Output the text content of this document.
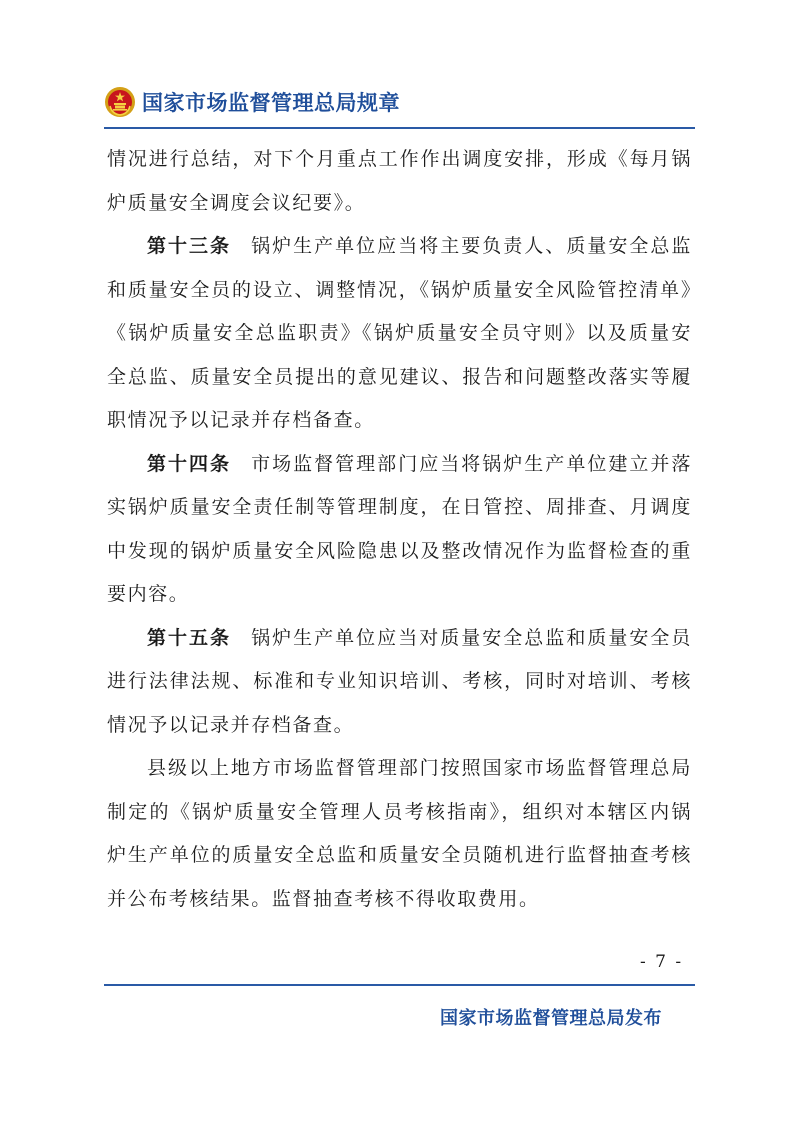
国家市场监督管理总局规章

情况进行总结，对下个月重点工作作出调度安排，形成《每月锅炉质量安全调度会议纪要》。

第十三条 锅炉生产单位应当将主要负责人、质量安全总监和质量安全员的设立、调整情况，《锅炉质量安全风险管控清单》《锅炉质量安全总监职责》《锅炉质量安全员守则》以及质量安全总监、质量安全员提出的意见建议、报告和问题整改落实等履职情况予以记录并存档备查。

第十四条 市场监督管理部门应当将锅炉生产单位建立并落实锅炉质量安全责任制等管理制度，在日管控、周排查、月调度中发现的锅炉质量安全风险隐患以及整改情况作为监督检查的重要内容。

第十五条 锅炉生产单位应当对质量安全总监和质量安全员进行法律法规、标准和专业知识培训、考核，同时对培训、考核情况予以记录并存档备查。

县级以上地方市场监督管理部门按照国家市场监督管理总局制定的《锅炉质量安全管理人员考核指南》，组织对本辖区内锅炉生产单位的质量安全总监和质量安全员随机进行监督抽查考核并公布考核结果。监督抽查考核不得收取费用。

- 7 -
国家市场监督管理总局发布
